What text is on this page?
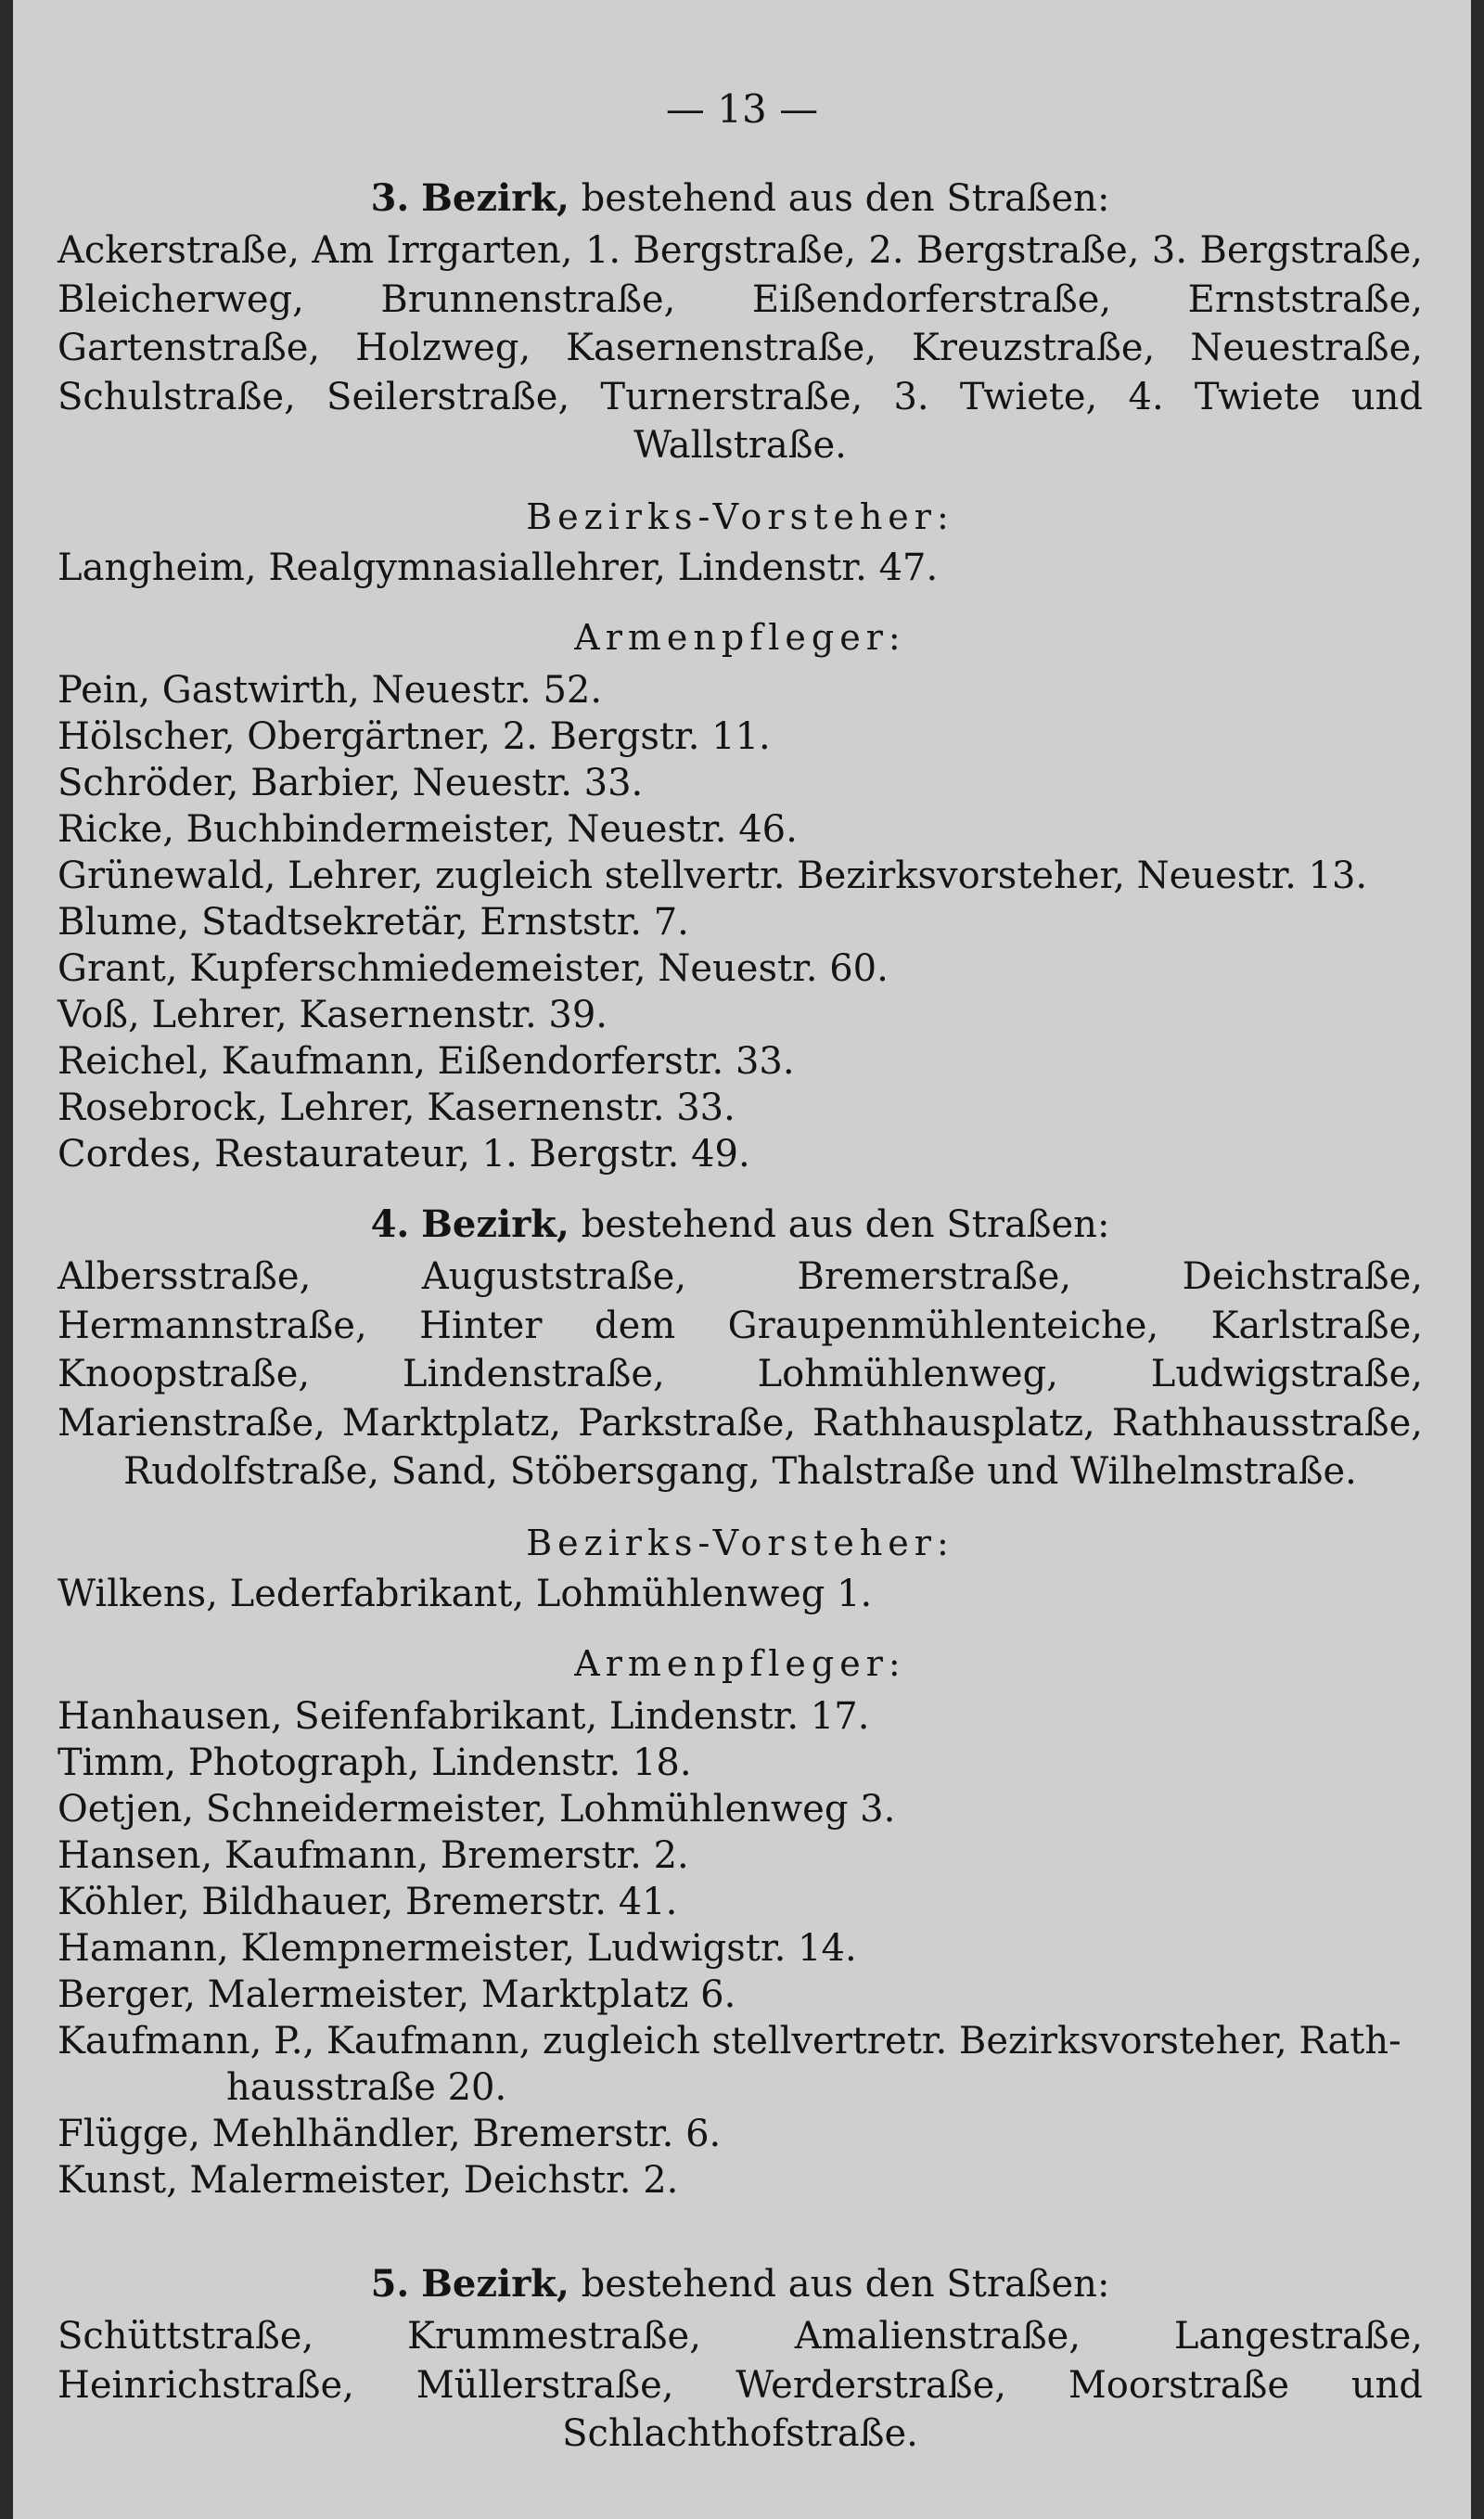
— 13 —
3. Bezirk, bestehend aus den Straßen:
Ackerstraße, Am Irrgarten, 1. Bergstraße, 2. Bergstraße, 3. Bergstraße, Bleicherweg, Brunnenstraße, Eißendorferstraße, Ernststraße, Gartenstraße, Holzweg, Kasernenstraße, Kreuzstraße, Neuestraße, Schulstraße, Seilerstraße, Turnerstraße, 3. Twiete, 4. Twiete und Wallstraße.
Bezirks-Vorsteher:
Langheim, Realgymnasiallehrer, Lindenstr. 47.
Armenpfleger:
Pein, Gastwirth, Neuestr. 52.
Hölscher, Obergärtner, 2. Bergstr. 11.
Schröder, Barbier, Neuestr. 33.
Ricke, Buchbindermeister, Neuestr. 46.
Grünewald, Lehrer, zugleich stellvertr. Bezirksvorsteher, Neuestr. 13.
Blume, Stadtsekretär, Ernststr. 7.
Grant, Kupferschmiedemeister, Neuestr. 60.
Voß, Lehrer, Kasernenstr. 39.
Reichel, Kaufmann, Eißendorferstr. 33.
Rosebrock, Lehrer, Kasernenstr. 33.
Cordes, Restaurateur, 1. Bergstr. 49.
4. Bezirk, bestehend aus den Straßen:
Albersstraße, Auguststraße, Bremerstraße, Deichstraße, Hermannstraße, Hinter dem Graupenmühlenteiche, Karlstraße, Knoopstraße, Lindenstraße, Lohmühlenweg, Ludwigstraße, Marienstraße, Marktplatz, Parkstraße, Rathhausplatz, Rathhausstraße, Rudolfstraße, Sand, Stöbersgang, Thalstraße und Wilhelmstraße.
Bezirks-Vorsteher:
Wilkens, Lederfabrikant, Lohmühlenweg 1.
Armenpfleger:
Hanhausen, Seifenfabrikant, Lindenstr. 17.
Timm, Photograph, Lindenstr. 18.
Oetjen, Schneidermeister, Lohmühlenweg 3.
Hansen, Kaufmann, Bremerstr. 2.
Köhler, Bildhauer, Bremerstr. 41.
Hamann, Klempnermeister, Ludwigstr. 14.
Berger, Malermeister, Marktplatz 6.
Kaufmann, P., Kaufmann, zugleich stellvertretr. Bezirksvorsteher, Rath-
hausstraße 20.
Flügge, Mehlhändler, Bremerstr. 6.
Kunst, Malermeister, Deichstr. 2.
5. Bezirk, bestehend aus den Straßen:
Schüttstraße, Krummestraße, Amalienstraße, Langestraße, Heinrichstraße, Müllerstraße, Werderstraße, Moorstraße und Schlachthofstraße.
